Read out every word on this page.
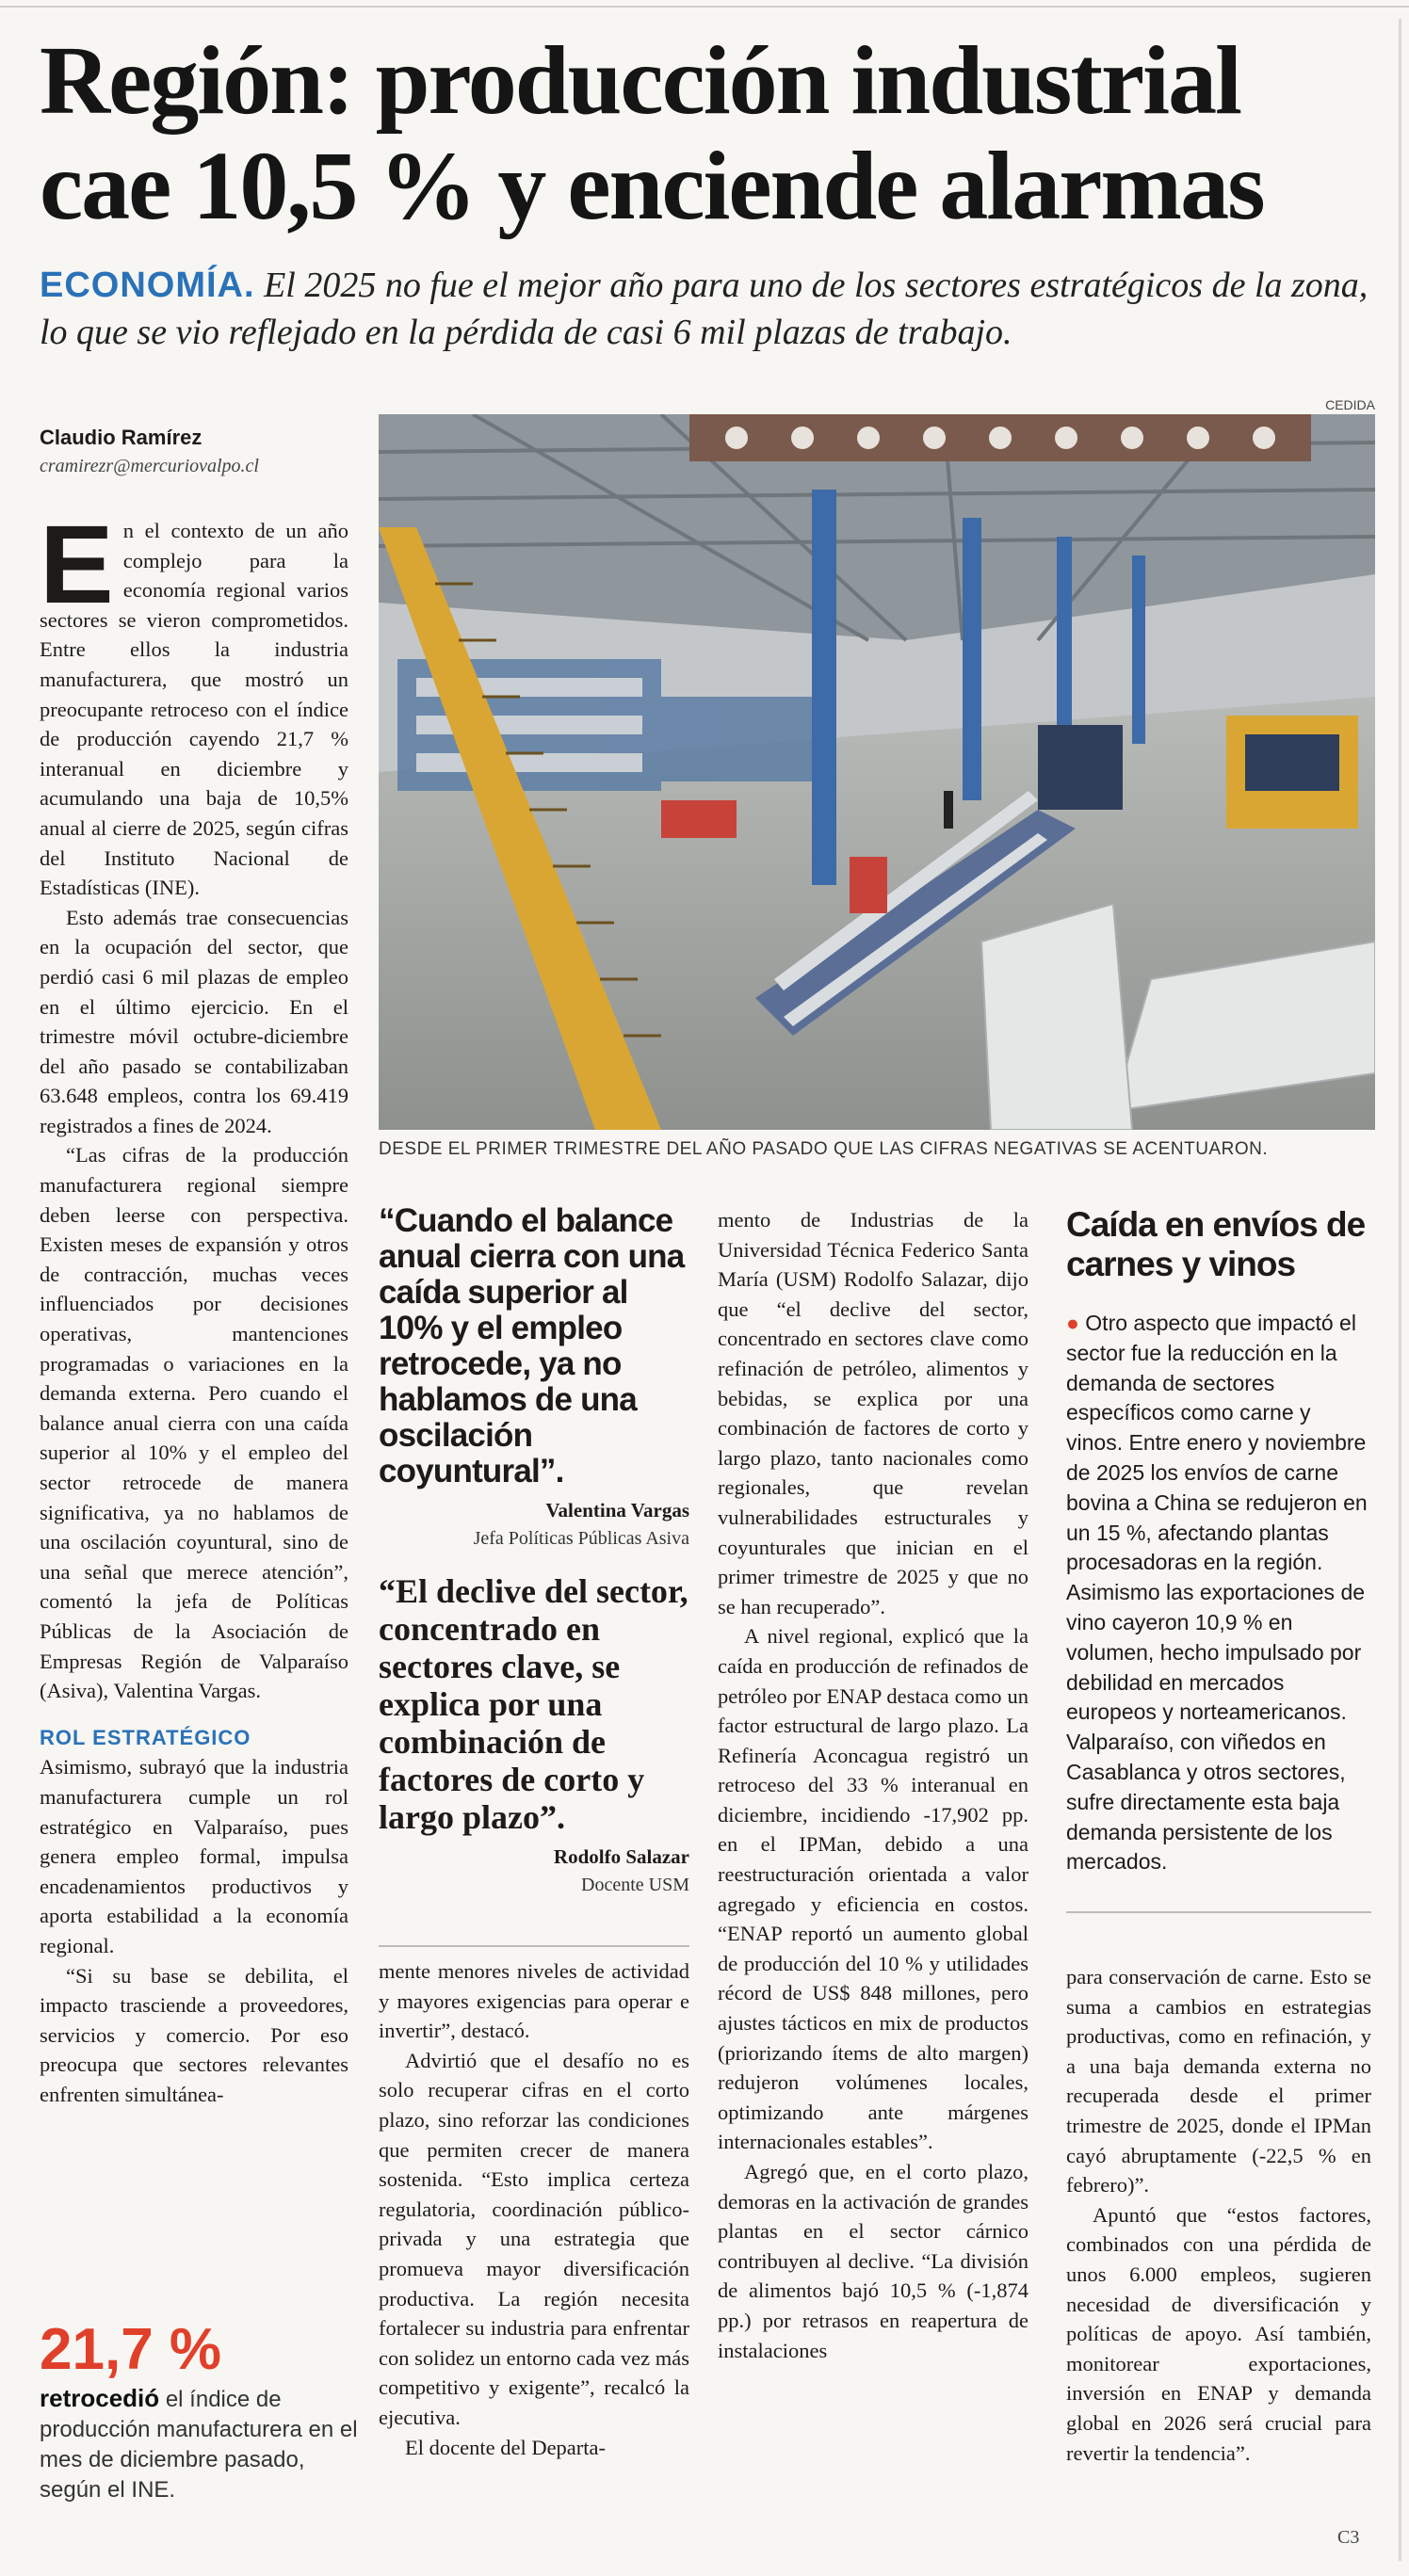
Región: producción industrial cae 10,5 % y enciende alarmas
ECONOMÍA. El 2025 no fue el mejor año para uno de los sectores estratégicos de la zona, lo que se vio reflejado en la pérdida de casi 6 mil plazas de trabajo.
Claudio Ramírez
cramirezr@mercuriovalpo.cl

En el contexto de un año complejo para la economía regional varios sectores se vieron comprometidos. Entre ellos la industria manufacturera, que mostró un preocupante retroceso con el índice de producción cayendo 21,7 % interanual en diciembre y acumulando una baja de 10,5% anual al cierre de 2025, según cifras del Instituto Nacional de Estadísticas (INE).

Esto además trae consecuencias en la ocupación del sector, que perdió casi 6 mil plazas de empleo en el último ejercicio. En el trimestre móvil octubre-diciembre del año pasado se contabilizaban 63.648 empleos, contra los 69.419 registrados a fines de 2024.

“Las cifras de la producción manufacturera regional siempre deben leerse con perspectiva. Existen meses de expansión y otros de contracción, muchas veces influenciados por decisiones operativas, mantenciones programadas o variaciones en la demanda externa. Pero cuando el balance anual cierra con una caída superior al 10% y el empleo del sector retrocede de manera significativa, ya no hablamos de una oscilación coyuntural, sino de una señal que merece atención”, comentó la jefa de Políticas Públicas de la Asociación de Empresas Región de Valparaíso (Asiva), Valentina Vargas.

ROL ESTRATÉGICO

Asimismo, subrayó que la industria manufacturera cumple un rol estratégico en Valparaíso, pues genera empleo formal, impulsa encadenamientos productivos y aporta estabilidad a la economía regional.

“Si su base se debilita, el impacto trasciende a proveedores, servicios y comercio. Por eso preocupa que sectores relevantes enfrenten simultánea-

21,7 %
retrocedió el índice de producción manufacturera en el mes de diciembre pasado, según el INE.
CEDIDA
DESDE EL PRIMER TRIMESTRE DEL AÑO PASADO QUE LAS CIFRAS NEGATIVAS SE ACENTUARON.
“Cuando el balance anual cierra con una caída superior al 10% y el empleo retrocede, ya no hablamos de una oscilación coyuntural”.
Valentina Vargas
Jefa Políticas Públicas Asiva
“El declive del sector, concentrado en sectores clave, se explica por una combinación de factores de corto y largo plazo”.
Rodolfo Salazar
Docente USM

mente menores niveles de actividad y mayores exigencias para operar e invertir”, destacó.

Advirtió que el desafío no es solo recuperar cifras en el corto plazo, sino reforzar las condiciones que permiten crecer de manera sostenida. “Esto implica certeza regulatoria, coordinación público-privada y una estrategia que promueva mayor diversificación productiva. La región necesita fortalecer su industria para enfrentar con solidez un entorno cada vez más competitivo y exigente”, recalcó la ejecutiva.

El docente del Departa-

mento de Industrias de la Universidad Técnica Federico Santa María (USM) Rodolfo Salazar, dijo que “el declive del sector, concentrado en sectores clave como refinación de petróleo, alimentos y bebidas, se explica por una combinación de factores de corto y largo plazo, tanto nacionales como regionales, que revelan vulnerabilidades estructurales y coyunturales que inician en el primer trimestre de 2025 y que no se han recuperado”.

A nivel regional, explicó que la caída en producción de refinados de petróleo por ENAP destaca como un factor estructural de largo plazo. La Refinería Aconcagua registró un retroceso del 33 % interanual en diciembre, incidiendo -17,902 pp. en el IPMan, debido a una reestructuración orientada a valor agregado y eficiencia en costos. “ENAP reportó un aumento global de producción del 10 % y utilidades récord de US$ 848 millones, pero ajustes tácticos en mix de productos (priorizando ítems de alto margen) redujeron volúmenes locales, optimizando ante márgenes internacionales estables”.

Agregó que, en el corto plazo, demoras en la activación de grandes plantas en el sector cárnico contribuyen al declive. “La división de alimentos bajó 10,5 % (-1,874 pp.) por retrasos en reapertura de instalaciones

Caída en envíos de carnes y vinos
● Otro aspecto que impactó el sector fue la reducción en la demanda de sectores específicos como carne y vinos. Entre enero y noviembre de 2025 los envíos de carne bovina a China se redujeron en un 15 %, afectando plantas procesadoras en la región. Asimismo las exportaciones de vino cayeron 10,9 % en volumen, hecho impulsado por debilidad en mercados europeos y norteamericanos. Valparaíso, con viñedos en Casablanca y otros sectores, sufre directamente esta baja demanda persistente de los mercados.

para conservación de carne. Esto se suma a cambios en estrategias productivas, como en refinación, y a una baja demanda externa no recuperada desde el primer trimestre de 2025, donde el IPMan cayó abruptamente (-22,5 % en febrero)”.

Apuntó que “estos factores, combinados con una pérdida de unos 6.000 empleos, sugieren necesidad de diversificación y políticas de apoyo. Así también, monitorear exportaciones, inversión en ENAP y demanda global en 2026 será crucial para revertir la tendencia”.

C3
